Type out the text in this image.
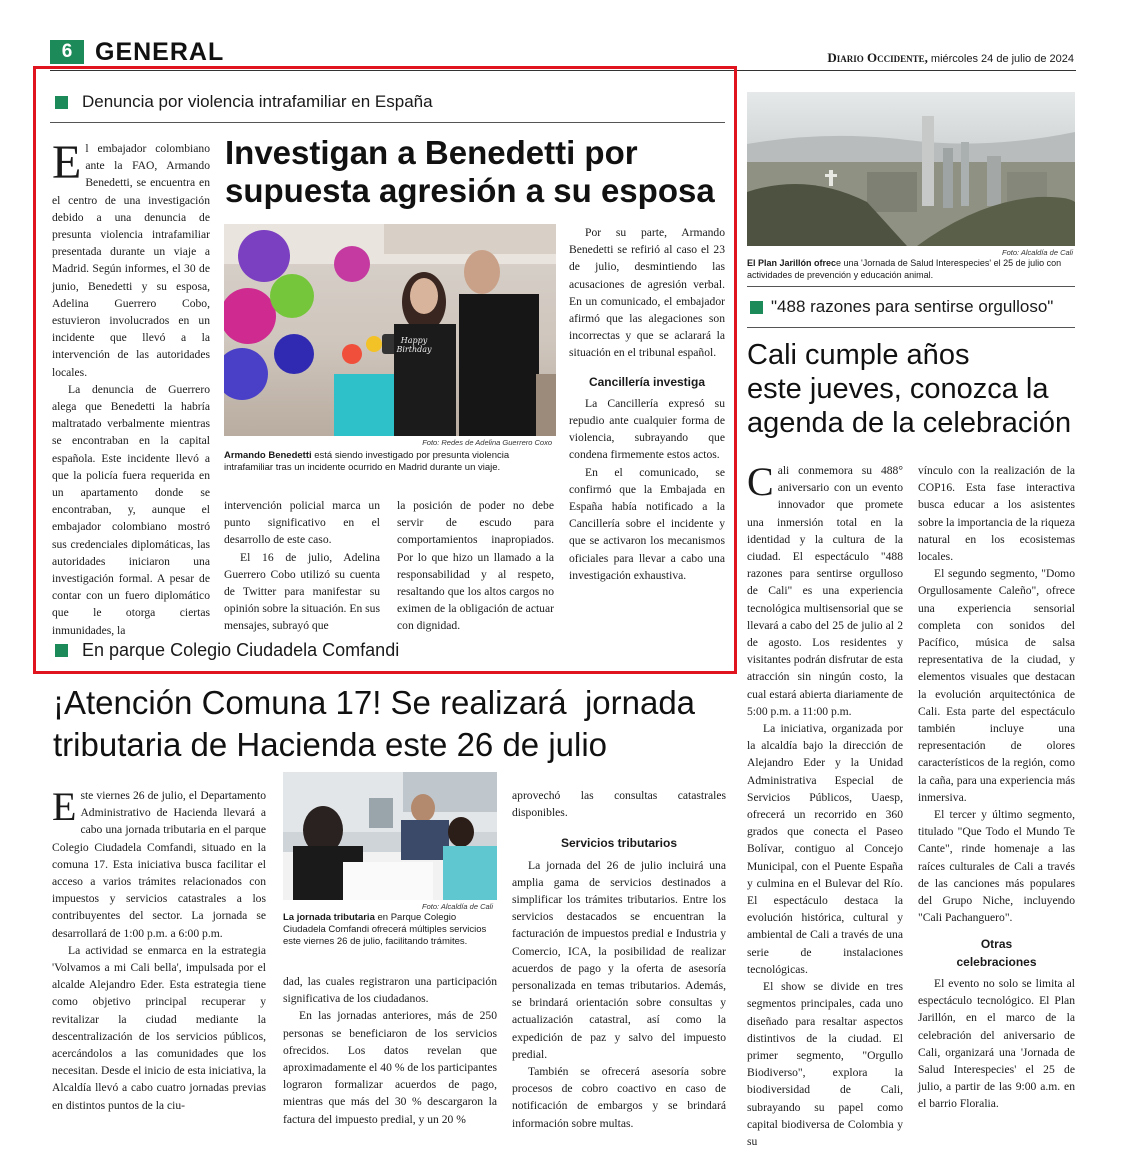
6 GENERAL	Diario Occidente, miércoles 24 de julio de 2024
Denuncia por violencia intrafamiliar en España
Investigan a Benedetti por
supuesta agresión a su esposa

El embajador colombiano ante la FAO, Armando Benedetti, se encuentra en el centro de una investigación debido a una denuncia de presunta violencia intrafamiliar presentada durante un viaje a Madrid. Según informes, el 30 de junio, Benedetti y su esposa, Adelina Guerrero Cobo, estuvieron involucrados en un incidente que llevó a la intervención de las autoridades locales.

La denuncia de Guerrero alega que Benedetti la habría maltratado verbalmente mientras se encontraban en la capital española. Este incidente llevó a que la policía fuera requerida en un apartamento donde se encontraban, y, aunque el embajador colombiano mostró sus credenciales diplomáticas, las autoridades iniciaron una investigación formal. A pesar de contar con un fuero diplomático que le otorga ciertas inmunidades, la

Happy Birthday
Foto: Redes de Adelina Guerrero Coxo
Armando Benedetti está siendo investigado por presunta violencia intrafamiliar tras un incidente ocurrido en Madrid durante un viaje.

intervención policial marca un punto significativo en el desarrollo de este caso.

El 16 de julio, Adelina Guerrero Cobo utilizó su cuenta de Twitter para manifestar su opinión sobre la situación. En sus mensajes, subrayó que

la posición de poder no debe servir de escudo para comportamientos inapropiados. Por lo que hizo un llamado a la responsabilidad y al respeto, resaltando que los altos cargos no eximen de la obligación de actuar con dignidad.

Por su parte, Armando Benedetti se refirió al caso el 23 de julio, desmintiendo las acusaciones de agresión verbal. En un comunicado, el embajador afirmó que las alegaciones son incorrectas y que se aclarará la situación en el tribunal español.

Cancillería investiga

La Cancillería expresó su repudio ante cualquier forma de violencia, subrayando que condena firmemente estos actos.

En el comunicado, se confirmó que la Embajada en España había notificado a la Cancillería sobre el incidente y que se activaron los mecanismos oficiales para llevar a cabo una investigación exhaustiva.

En parque Colegio Ciudadela Comfandi
¡Atención Comuna 17! Se realizará  jornada
tributaria de Hacienda este 26 de julio

Este viernes 26 de julio, el Departamento Administrativo de Hacienda llevará a cabo una jornada tributaria en el parque Colegio Ciudadela Comfandi, situado en la comuna 17. Esta iniciativa busca facilitar el acceso a varios trámites relacionados con impuestos y servicios catastrales a los contribuyentes del sector. La jornada se desarrollará de 1:00 p.m. a 6:00 p.m.

La actividad se enmarca en la estrategia 'Volvamos a mi Cali bella', impulsada por el alcalde Alejandro Eder. Esta estrategia tiene como objetivo principal recuperar y revitalizar la ciudad mediante la descentralización de los servicios públicos, acercándolos a las comunidades que los necesitan. Desde el inicio de esta iniciativa, la Alcaldía llevó a cabo cuatro jornadas previas en distintos puntos de la ciu-

Foto: Alcaldía de Cali
La jornada tributaria en Parque Colegio Ciudadela Comfandi ofrecerá múltiples servicios este viernes 26 de julio, facilitando trámites.

dad, las cuales registraron una participación significativa de los ciudadanos.

En las jornadas anteriores, más de 250 personas se beneficiaron de los servicios ofrecidos. Los datos revelan que aproximadamente el 40 % de los participantes lograron formalizar acuerdos de pago, mientras que más del 30 % descargaron la factura del impuesto predial, y un 20 %

aprovechó las consultas catastrales disponibles.

Servicios tributarios

La jornada del 26 de julio incluirá una amplia gama de servicios destinados a simplificar los trámites tributarios. Entre los servicios destacados se encuentran la facturación de impuestos predial e Industria y Comercio, ICA, la posibilidad de realizar acuerdos de pago y la oferta de asesoría personalizada en temas tributarios. Además, se brindará orientación sobre consultas y actualización catastral, así como la expedición de paz y salvo del impuesto predial.

También se ofrecerá asesoría sobre procesos de cobro coactivo en caso de notificación de embargos y se brindará información sobre multas.

Foto: Alcaldía de Cali
El Plan Jarillón ofrece una 'Jornada de Salud Interespecies' el 25 de julio con actividades de prevención y educación animal.
"488 razones para sentirse orgulloso"
Cali cumple años
este jueves, conozca la
agenda de la celebración

Cali conmemora su 488° aniversario con un evento innovador que promete una inmersión total en la identidad y la cultura de la ciudad. El espectáculo "488 razones para sentirse orgulloso de Cali" es una experiencia tecnológica multisensorial que se llevará a cabo del 25 de julio al 2 de agosto. Los residentes y visitantes podrán disfrutar de esta atracción sin ningún costo, la cual estará abierta diariamente de 5:00 p.m. a 11:00 p.m.

La iniciativa, organizada por la alcaldía bajo la dirección de Alejandro Eder y la Unidad Administrativa Especial de Servicios Públicos, Uaesp, ofrecerá un recorrido en 360 grados que conecta el Paseo Bolívar, contiguo al Concejo Municipal, con el Puente España y culmina en el Bulevar del Río. El espectáculo destaca la evolución histórica, cultural y ambiental de Cali a través de una serie de instalaciones tecnológicas.

El show se divide en tres segmentos principales, cada uno diseñado para resaltar aspectos distintivos de la ciudad. El primer segmento, "Orgullo Biodiverso", explora la biodiversidad de Cali, subrayando su papel como capital biodiversa de Colombia y su

vínculo con la realización de la COP16. Esta fase interactiva busca educar a los asistentes sobre la importancia de la riqueza natural en los ecosistemas locales.

El segundo segmento, "Domo Orgullosamente Caleño", ofrece una experiencia sensorial completa con sonidos del Pacífico, música de salsa representativa de la ciudad, y elementos visuales que destacan la evolución arquitectónica de Cali. Esta parte del espectáculo también incluye una representación de olores característicos de la región, como la caña, para una experiencia más inmersiva.

El tercer y último segmento, titulado "Que Todo el Mundo Te Cante", rinde homenaje a las raíces culturales de Cali a través de las canciones más populares del Grupo Niche, incluyendo "Cali Pachanguero".

Otras
celebraciones

El evento no solo se limita al espectáculo tecnológico. El Plan Jarillón, en el marco de la celebración del aniversario de Cali, organizará una 'Jornada de Salud Interespecies' el 25 de julio, a partir de las 9:00 a.m. en el barrio Floralia.
